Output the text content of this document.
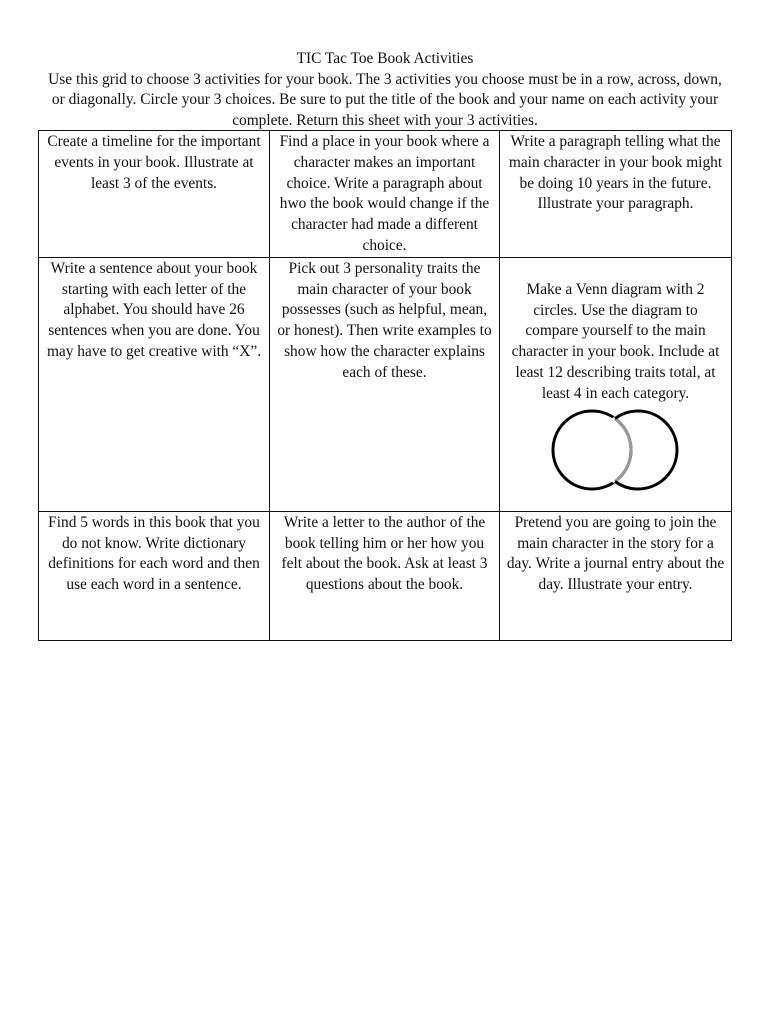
TIC Tac Toe Book Activities

Use this grid to choose 3 activities for your book. The 3 activities you choose must be in a row, across, down, or diagonally. Circle your 3 choices. Be sure to put the title of the book and your name on each activity your complete. Return this sheet with your 3 activities.

Create a timeline for the important events in your book. Illustrate at least 3 of the events.	Find a place in your book where a character makes an important choice. Write a paragraph about hwo the book would change if the character had made a different choice.	Write a paragraph telling what the main character in your book might be doing 10 years in the future. Illustrate your paragraph.
Write a sentence about your book starting with each letter of the alphabet. You should have 26 sentences when you are done. You may have to get creative with “X”.	Pick out 3 personality traits the main character of your book possesses (such as helpful, mean, or honest). Then write examples to show how the character explains each of these.	Make a Venn diagram with 2 circles. Use the diagram to compare yourself to the main character in your book. Include at least 12 describing traits total, at least 4 in each category.

Find 5 words in this book that you do not know. Write dictionary definitions for each word and then use each word in a sentence.	Write a letter to the author of the book telling him or her how you felt about the book. Ask at least 3 questions about the book.	Pretend you are going to join the main character in the story for a day. Write a journal entry about the day. Illustrate your entry.
